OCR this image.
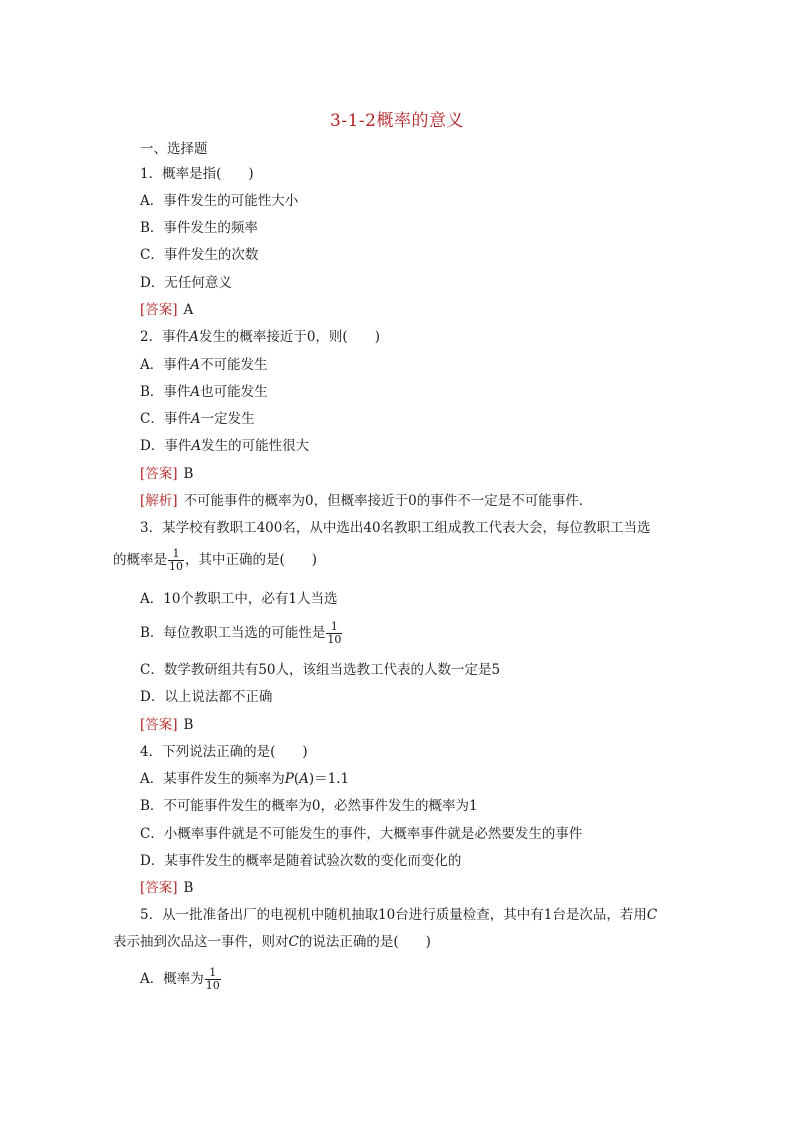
3-1-2概率的意义
一、选择题
1．概率是指(　　)
A．事件发生的可能性大小
B．事件发生的频率
C．事件发生的次数
D．无任何意义
[答案] A
2．事件A发生的概率接近于0，则(　　)
A．事件A不可能发生
B．事件A也可能发生
C．事件A一定发生
D．事件A发生的可能性很大
[答案] B
[解析] 不可能事件的概率为0，但概率接近于0的事件不一定是不可能事件．
3．某学校有教职工400名，从中选出40名教职工组成教工代表大会，每位教职工当选
的概率是 $\frac{1}{10}$ ，其中正确的是(　　)
A．10个教职工中，必有1人当选
B．每位教职工当选的可能性是 $\frac{1}{10}$
C．数学教研组共有50人，该组当选教工代表的人数一定是5
D．以上说法都不正确
[答案] B
4．下列说法正确的是(　　)
A．某事件发生的频率为P(A)＝1.1
B．不可能事件发生的概率为0，必然事件发生的概率为1
C．小概率事件就是不可能发生的事件，大概率事件就是必然要发生的事件
D．某事件发生的概率是随着试验次数的变化而变化的
[答案] B
5．从一批准备出厂的电视机中随机抽取10台进行质量检查，其中有1台是次品，若用C
表示抽到次品这一事件，则对C的说法正确的是(　　)
A．概率为 $\frac{1}{10}$
